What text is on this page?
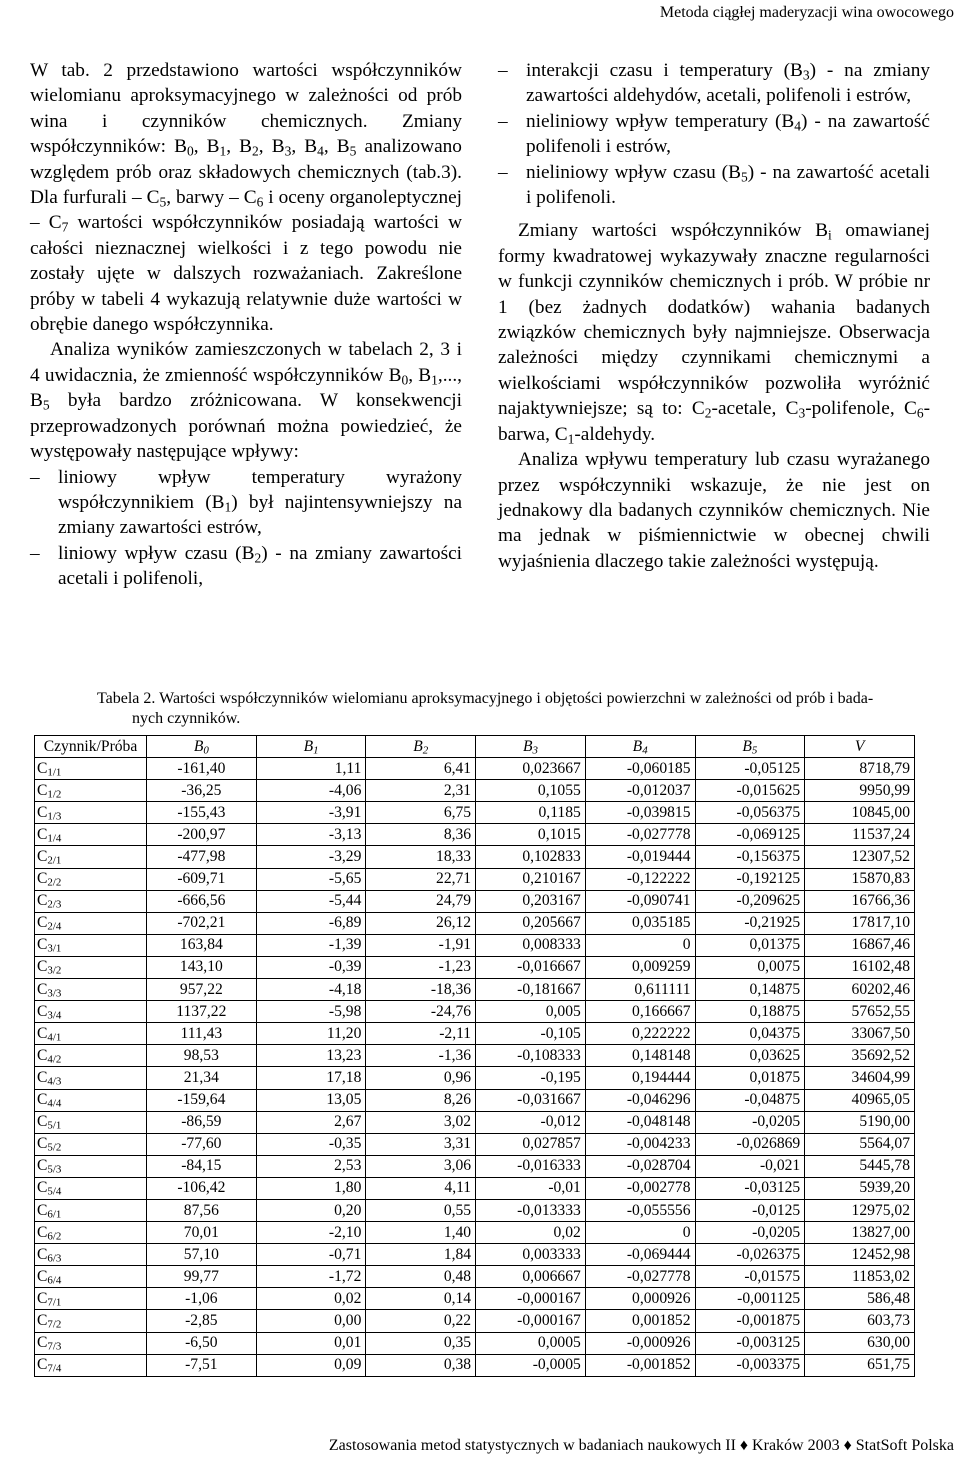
Metoda ciągłej maderyzacji wina owocowego

W tab. 2 przedstawiono wartości współczynników wielomianu aproksymacyjnego w zależności od prób wina i czynników chemicznych. Zmiany współczynników: $B_0$, $B_1$, $B_2$, $B_3$, $B_4$, $B_5$ analizowano względem prób oraz składowych chemicznych (tab.3). Dla furfurali – $C_5$, barwy – $C_6$ i oceny organoleptycznej – $C_7$ wartości współczynników posiadają wartości w całości nieznacznej wielkości i z tego powodu nie zostały ujęte w dalszych rozważaniach. Zakreślone próby w tabeli 4 wykazują relatywnie duże wartości w obrębie danego współczynnika.

Analiza wyników zamieszczonych w tabelach 2, 3 i 4 uwidacznia, że zmienność współczynników $B_0$, $B_1$,..., $B_5$ była bardzo zróżnicowana. W konsekwencji przeprowadzonych porównań można powiedzieć, że występowały następujące wpływy:

– liniowy wpływ temperatury wyrażony współczynnikiem $(B_1)$ był najintensywniejszy na zmiany zawartości estrów,
– liniowy wpływ czasu $(B_2)$ - na zmiany zawartości acetali i polifenoli,
– interakcji czasu i temperatury $(B_3)$ - na zmiany zawartości aldehydów, acetali, polifenoli i estrów,
– nieliniowy wpływ temperatury $(B_4)$ - na zawartość polifenoli i estrów,
– nieliniowy wpływ czasu $(B_5)$ - na zawartość acetali i polifenoli.

Zmiany wartości współczynników $B_i$ omawianej formy kwadratowej wykazywały znaczne regularności w funkcji czynników chemicznych i prób. W próbie nr 1 (bez żadnych dodatków) wahania badanych związków chemicznych były najmniejsze. Obserwacja zależności między czynnikami chemicznymi a wielkościami współczynników pozwoliła wyróżnić najaktywniejsze; są to: $C_2$-acetale, $C_3$-polifenole, $C_6$-barwa, $C_1$-aldehydy.

Analiza wpływu temperatury lub czasu wyrażanego przez współczynniki wskazuje, że nie jest on jednakowy dla badanych czynników chemicznych. Nie ma jednak w piśmiennictwie w obecnej chwili wyjaśnienia dlaczego takie zależności występują.

Tabela 2. Wartości współczynników wielomianu aproksymacyjnego i objętości powierzchni w zależności od prób i bada-
nych czynników.
Czynnik/Próba	$B_0$	$B_1$	$B_2$	$B_3$	$B_4$	$B_5$	V
$C_{1/1}$	-161,40	1,11	6,41	0,023667	-0,060185	-0,05125	8718,79
$C_{1/2}$	-36,25	-4,06	2,31	0,1055	-0,012037	-0,015625	9950,99
$C_{1/3}$	-155,43	-3,91	6,75	0,1185	-0,039815	-0,056375	10845,00
$C_{1/4}$	-200,97	-3,13	8,36	0,1015	-0,027778	-0,069125	11537,24
$C_{2/1}$	-477,98	-3,29	18,33	0,102833	-0,019444	-0,156375	12307,52
$C_{2/2}$	-609,71	-5,65	22,71	0,210167	-0,122222	-0,192125	15870,83
$C_{2/3}$	-666,56	-5,44	24,79	0,203167	-0,090741	-0,209625	16766,36
$C_{2/4}$	-702,21	-6,89	26,12	0,205667	0,035185	-0,21925	17817,10
$C_{3/1}$	163,84	-1,39	-1,91	0,008333	0	0,01375	16867,46
$C_{3/2}$	143,10	-0,39	-1,23	-0,016667	0,009259	0,0075	16102,48
$C_{3/3}$	957,22	-4,18	-18,36	-0,181667	0,611111	0,14875	60202,46
$C_{3/4}$	1137,22	-5,98	-24,76	0,005	0,166667	0,18875	57652,55
$C_{4/1}$	111,43	11,20	-2,11	-0,105	0,222222	0,04375	33067,50
$C_{4/2}$	98,53	13,23	-1,36	-0,108333	0,148148	0,03625	35692,52
$C_{4/3}$	21,34	17,18	0,96	-0,195	0,194444	0,01875	34604,99
$C_{4/4}$	-159,64	13,05	8,26	-0,031667	-0,046296	-0,04875	40965,05
$C_{5/1}$	-86,59	2,67	3,02	-0,012	-0,048148	-0,0205	5190,00
$C_{5/2}$	-77,60	-0,35	3,31	0,027857	-0,004233	-0,026869	5564,07
$C_{5/3}$	-84,15	2,53	3,06	-0,016333	-0,028704	-0,021	5445,78
$C_{5/4}$	-106,42	1,80	4,11	-0,01	-0,002778	-0,03125	5939,20
$C_{6/1}$	87,56	0,20	0,55	-0,013333	-0,055556	-0,0125	12975,02
$C_{6/2}$	70,01	-2,10	1,40	0,02	0	-0,0205	13827,00
$C_{6/3}$	57,10	-0,71	1,84	0,003333	-0,069444	-0,026375	12452,98
$C_{6/4}$	99,77	-1,72	0,48	0,006667	-0,027778	-0,01575	11853,02
$C_{7/1}$	-1,06	0,02	0,14	-0,000167	0,000926	-0,001125	586,48
$C_{7/2}$	-2,85	0,00	0,22	-0,000167	0,001852	-0,001875	603,73
$C_{7/3}$	-6,50	0,01	0,35	0,0005	-0,000926	-0,003125	630,00
$C_{7/4}$	-7,51	0,09	0,38	-0,0005	-0,001852	-0,003375	651,75
Zastosowania metod statystycznych w badaniach naukowych II ♦ Kraków 2003 ♦ StatSoft Polska
